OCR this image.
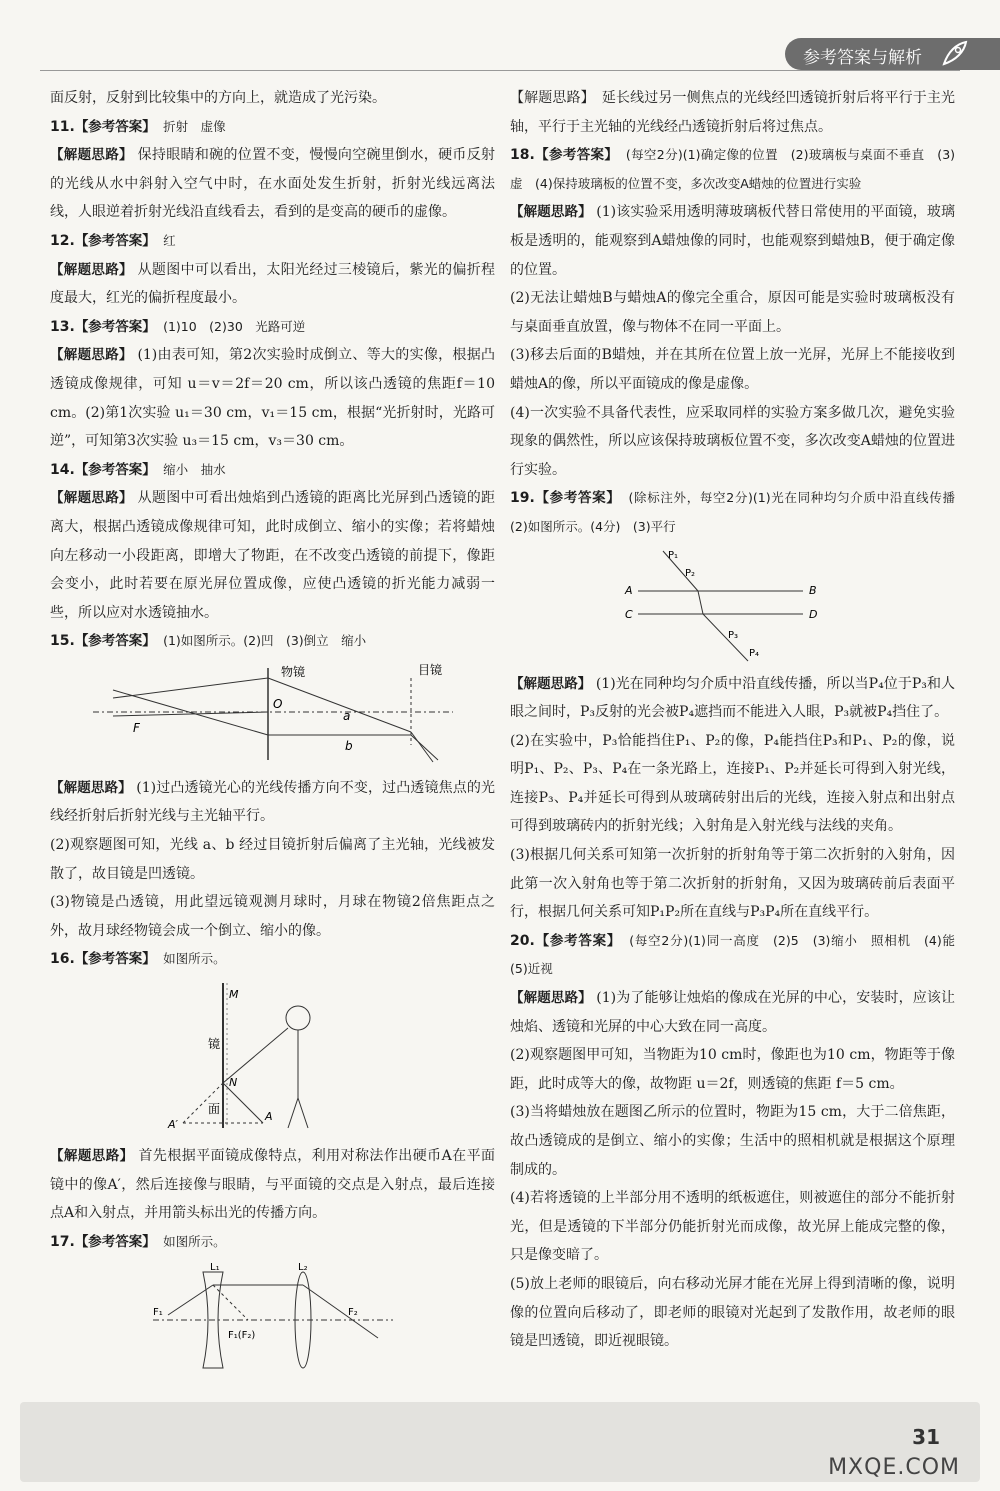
参考答案与解析
面反射，反射到比较集中的方向上，就造成了光污染。
11.【参考答案】　 折射　虚像
【解题思路】 保持眼睛和碗的位置不变，慢慢向空碗里倒水，硬币反射的光线从水中斜射入空气中时，在水面处发生折射，折射光线远离法线，人眼逆着折射光线沿直线看去，看到的是变高的硬币的虚像。
12.【参考答案】　 红
【解题思路】 从题图中可以看出，太阳光经过三棱镜后，紫光的偏折程度最大，红光的偏折程度最小。
13.【参考答案】　 (1)10　(2)30　光路可逆
【解题思路】 (1)由表可知，第2次实验时成倒立、等大的实像，根据凸透镜成像规律，可知 u＝v＝2f＝20 cm，所以该凸透镜的焦距f＝10 cm。(2)第1次实验 u₁＝30 cm，v₁＝15 cm，根据“光折射时，光路可逆”，可知第3次实验 u₃＝15 cm，v₃＝30 cm。
14.【参考答案】　 缩小　抽水
【解题思路】 从题图中可看出烛焰到凸透镜的距离比光屏到凸透镜的距离大，根据凸透镜成像规律可知，此时成倒立、缩小的实像；若将蜡烛向左移动一小段距离，即增大了物距，在不改变凸透镜的前提下，像距会变小，此时若要在原光屏位置成像，应使凸透镜的折光能力减弱一些，所以应对水透镜抽水。
15.【参考答案】　 (1)如图所示。(2)凹　(3)倒立　缩小
物镜	目镜
O
F
a
b
【解题思路】 (1)过凸透镜光心的光线传播方向不变，过凸透镜焦点的光线经折射后折射光线与主光轴平行。
(2)观察题图可知，光线 a、b 经过目镜折射后偏离了主光轴，光线被发散了，故目镜是凹透镜。
(3)物镜是凸透镜，用此望远镜观测月球时，月球在物镜2倍焦距点之外，故月球经物镜会成一个倒立、缩小的像。
16.【参考答案】　 如图所示。
镜
面
M
N
A
A′
【解题思路】 首先根据平面镜成像特点，利用对称法作出硬币A在平面镜中的像A′，然后连接像与眼睛，与平面镜的交点是入射点，最后连接点A和入射点，并用箭头标出光的传播方向。
17.【参考答案】　 如图所示。
F₁
L₁	L₂
F₂
F₁(F₂)
【解题思路】　延长线过另一侧焦点的光线经凹透镜折射后将平行于主光轴，平行于主光轴的光线经凸透镜折射后将过焦点。
18.【参考答案】　 (每空2分)(1)确定像的位置　(2)玻璃板与桌面不垂直　(3)虚　(4)保持玻璃板的位置不变，多次改变A蜡烛的位置进行实验
【解题思路】 (1)该实验采用透明薄玻璃板代替日常使用的平面镜，玻璃板是透明的，能观察到A蜡烛像的同时，也能观察到蜡烛B，便于确定像的位置。
(2)无法让蜡烛B与蜡烛A的像完全重合，原因可能是实验时玻璃板没有与桌面垂直放置，像与物体不在同一平面上。
(3)移去后面的B蜡烛，并在其所在位置上放一光屏，光屏上不能接收到蜡烛A的像，所以平面镜成的像是虚像。
(4)一次实验不具备代表性，应采取同样的实验方案多做几次，避免实验现象的偶然性，所以应该保持玻璃板位置不变，多次改变A蜡烛的位置进行实验。
19.【参考答案】　 (除标注外，每空2分)(1)光在同种均匀介质中沿直线传播　(2)如图所示。(4分)　(3)平行
A	B
C	D
P₁
P₂
P₃
P₄
【解题思路】 (1)光在同种均匀介质中沿直线传播，所以当P₄位于P₃和人眼之间时，P₃反射的光会被P₄遮挡而不能进入人眼，P₃就被P₄挡住了。
(2)在实验中，P₃恰能挡住P₁、P₂的像，P₄能挡住P₃和P₁、P₂的像，说明P₁、P₂、P₃、P₄在一条光路上，连接P₁、P₂并延长可得到入射光线，连接P₃、P₄并延长可得到从玻璃砖射出后的光线，连接入射点和出射点可得到玻璃砖内的折射光线；入射角是入射光线与法线的夹角。
(3)根据几何关系可知第一次折射的折射角等于第二次折射的入射角，因此第一次入射角也等于第二次折射的折射角，又因为玻璃砖前后表面平行，根据几何关系可知P₁P₂所在直线与P₃P₄所在直线平行。
20.【参考答案】　 (每空2分)(1)同一高度　(2)5　(3)缩小　照相机　(4)能　(5)近视
【解题思路】 (1)为了能够让烛焰的像成在光屏的中心，安装时，应该让烛焰、透镜和光屏的中心大致在同一高度。
(2)观察题图甲可知，当物距为10 cm时，像距也为10 cm，物距等于像距，此时成等大的像，故物距 u＝2f，则透镜的焦距 f＝5 cm。
(3)当将蜡烛放在题图乙所示的位置时，物距为15 cm，大于二倍焦距，故凸透镜成的是倒立、缩小的实像；生活中的照相机就是根据这个原理制成的。
(4)若将透镜的上半部分用不透明的纸板遮住，则被遮住的部分不能折射光，但是透镜的下半部分仍能折射光而成像，故光屏上能成完整的像，只是像变暗了。
(5)放上老师的眼镜后，向右移动光屏才能在光屏上得到清晰的像，说明像的位置向后移动了，即老师的眼镜对光起到了发散作用，故老师的眼镜是凹透镜，即近视眼镜。
31
MXQE.COM
